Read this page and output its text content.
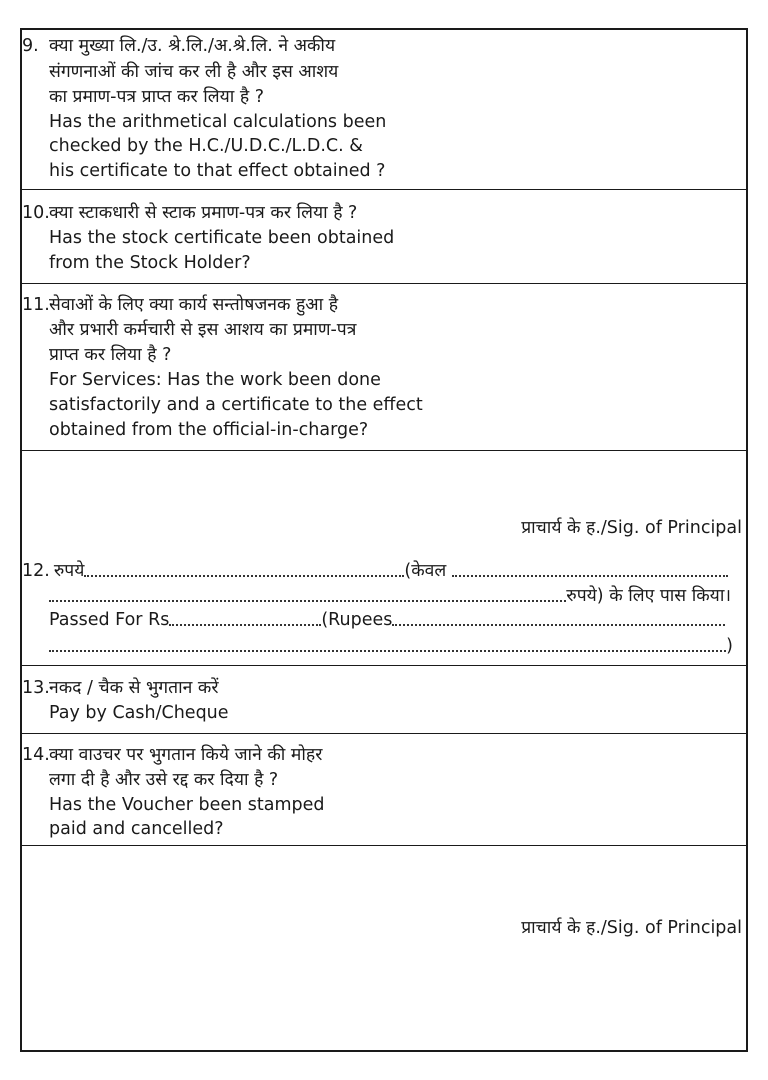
9. क्या मुख्या लि./उ. श्रे.लि./अ.श्रे.लि. ने अकीय
संगणनाओं की जांच कर ली है और इस आशय
का प्रमाण-पत्र प्राप्त कर लिया है ?
Has the arithmetical calculations been
checked by the H.C./U.D.C./L.D.C. &
his certificate to that effect obtained ?
10. क्या स्टाकधारी से स्टाक प्रमाण-पत्र कर लिया है ?
Has the stock certificate been obtained
from the Stock Holder?
11. सेवाओं के लिए क्या कार्य सन्तोषजनक हुआ है
और प्रभारी कर्मचारी से इस आशय का प्रमाण-पत्र
प्राप्त कर लिया है ?
For Services: Has the work been done
satisfactorily and a certificate to the effect
obtained from the official-in-charge?
प्राचार्य के ह./Sig. of Principal
12. रुपये	(केवल
रुपये) के लिए पास किया।
Passed For Rs	(Rupees
)
13. नकद / चैक से भुगतान करें
Pay by Cash/Cheque
14. क्या वाउचर पर भुगतान किये जाने की मोहर
लगा दी है और उसे रद्द कर दिया है ?
Has the Voucher been stamped
paid and cancelled?
प्राचार्य के ह./Sig. of Principal
